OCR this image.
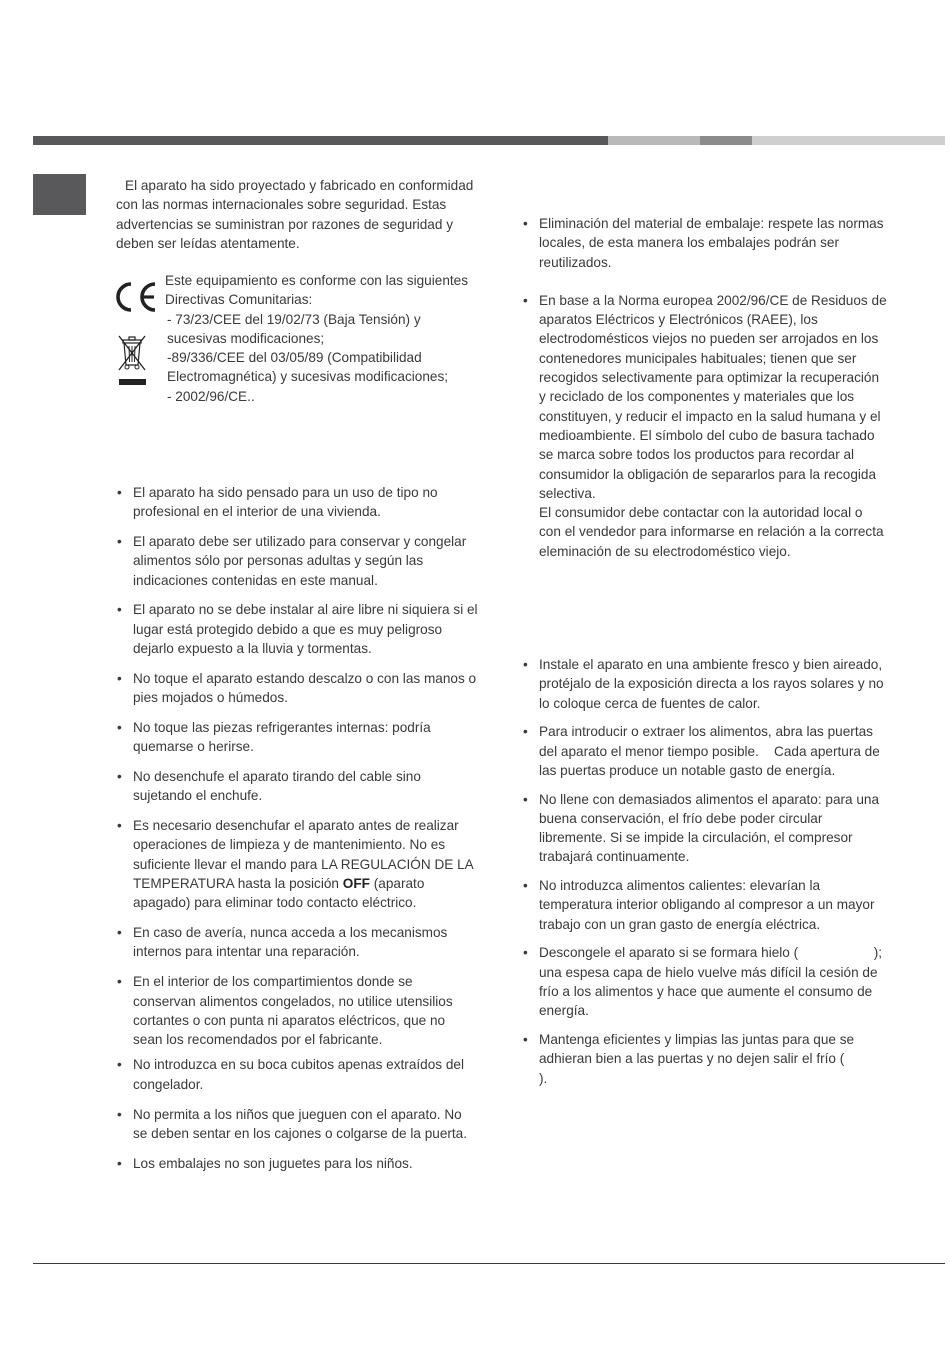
El aparato ha sido proyectado y fabricado en conformidad con las normas internacionales sobre seguridad. Estas advertencias se suministran por razones de seguridad y deben ser leídas atentamente.

Este equipamiento es conforme con las siguientes Directivas Comunitarias:

- 73/23/CEE del 19/02/73 (Baja Tensión) y sucesivas modificaciones;

-89/336/CEE del 03/05/89 (Compatibilidad Electromagnética) y sucesivas modificaciones;

- 2002/96/CE..

• El aparato ha sido pensado para un uso de tipo no profesional en el interior de una vivienda.
• El aparato debe ser utilizado para conservar y congelar alimentos sólo por personas adultas y según las indicaciones contenidas en este manual.
• El aparato no se debe instalar al aire libre ni siquiera si el lugar está protegido debido a que es muy peligroso dejarlo expuesto a la lluvia y tormentas.
• No toque el aparato estando descalzo o con las manos o pies mojados o húmedos.
• No toque las piezas refrigerantes internas: podría quemarse o herirse.
• No desenchufe el aparato tirando del cable sino sujetando el enchufe.
• Es necesario desenchufar el aparato antes de realizar operaciones de limpieza y de mantenimiento. No es suficiente llevar el mando para LA REGULACIÓN DE LA TEMPERATURA hasta la posición OFF (aparato apagado) para eliminar todo contacto eléctrico.
• En caso de avería, nunca acceda a los mecanismos internos para intentar una reparación.
• En el interior de los compartimientos donde se conservan alimentos congelados, no utilice utensilios cortantes o con punta ni aparatos eléctricos, que no sean los recomendados por el fabricante.
• No introduzca en su boca cubitos apenas extraídos del congelador.
• No permita a los niños que jueguen con el aparato. No se deben sentar en los cajones o colgarse de la puerta.
• Los embalajes no son juguetes para los niños.
• Eliminación del material de embalaje: respete las normas locales, de esta manera los embalajes podrán ser reutilizados.
• En base a la Norma europea 2002/96/CE de Residuos de aparatos Eléctricos y Electrónicos (RAEE), los electrodomésticos viejos no pueden ser arrojados en los contenedores municipales habituales; tienen que ser recogidos selectivamente para optimizar la recuperación y reciclado de los componentes y materiales que los constituyen, y reducir el impacto en la salud humana y el medioambiente. El símbolo del cubo de basura tachado se marca sobre todos los productos para recordar al consumidor la obligación de separarlos para la recogida selectiva.
El consumidor debe contactar con la autoridad local o con el vendedor para informarse en relación a la correcta eleminación de su electrodoméstico viejo.
• Instale el aparato en una ambiente fresco y bien aireado, protéjalo de la exposición directa a los rayos solares y no lo coloque cerca de fuentes de calor.
• Para introducir o extraer los alimentos, abra las puertas del aparato el menor tiempo posible.    Cada apertura de las puertas produce un notable gasto de energía.
• No llene con demasiados alimentos el aparato: para una buena conservación, el frío debe poder circular libremente. Si se impide la circulación, el compresor trabajará continuamente.
• No introduzca alimentos calientes: elevarían la temperatura interior obligando al compresor a un mayor trabajo con un gran gasto de energía eléctrica.
• Descongele el aparato si se formara hielo (                    ); una espesa capa de hielo vuelve más difícil la cesión de frío a los alimentos y hace que aumente el consumo de energía.
• Mantenga eficientes y limpias las juntas para que se adhieran bien a las puertas y no dejen salir el frío (                    ).
